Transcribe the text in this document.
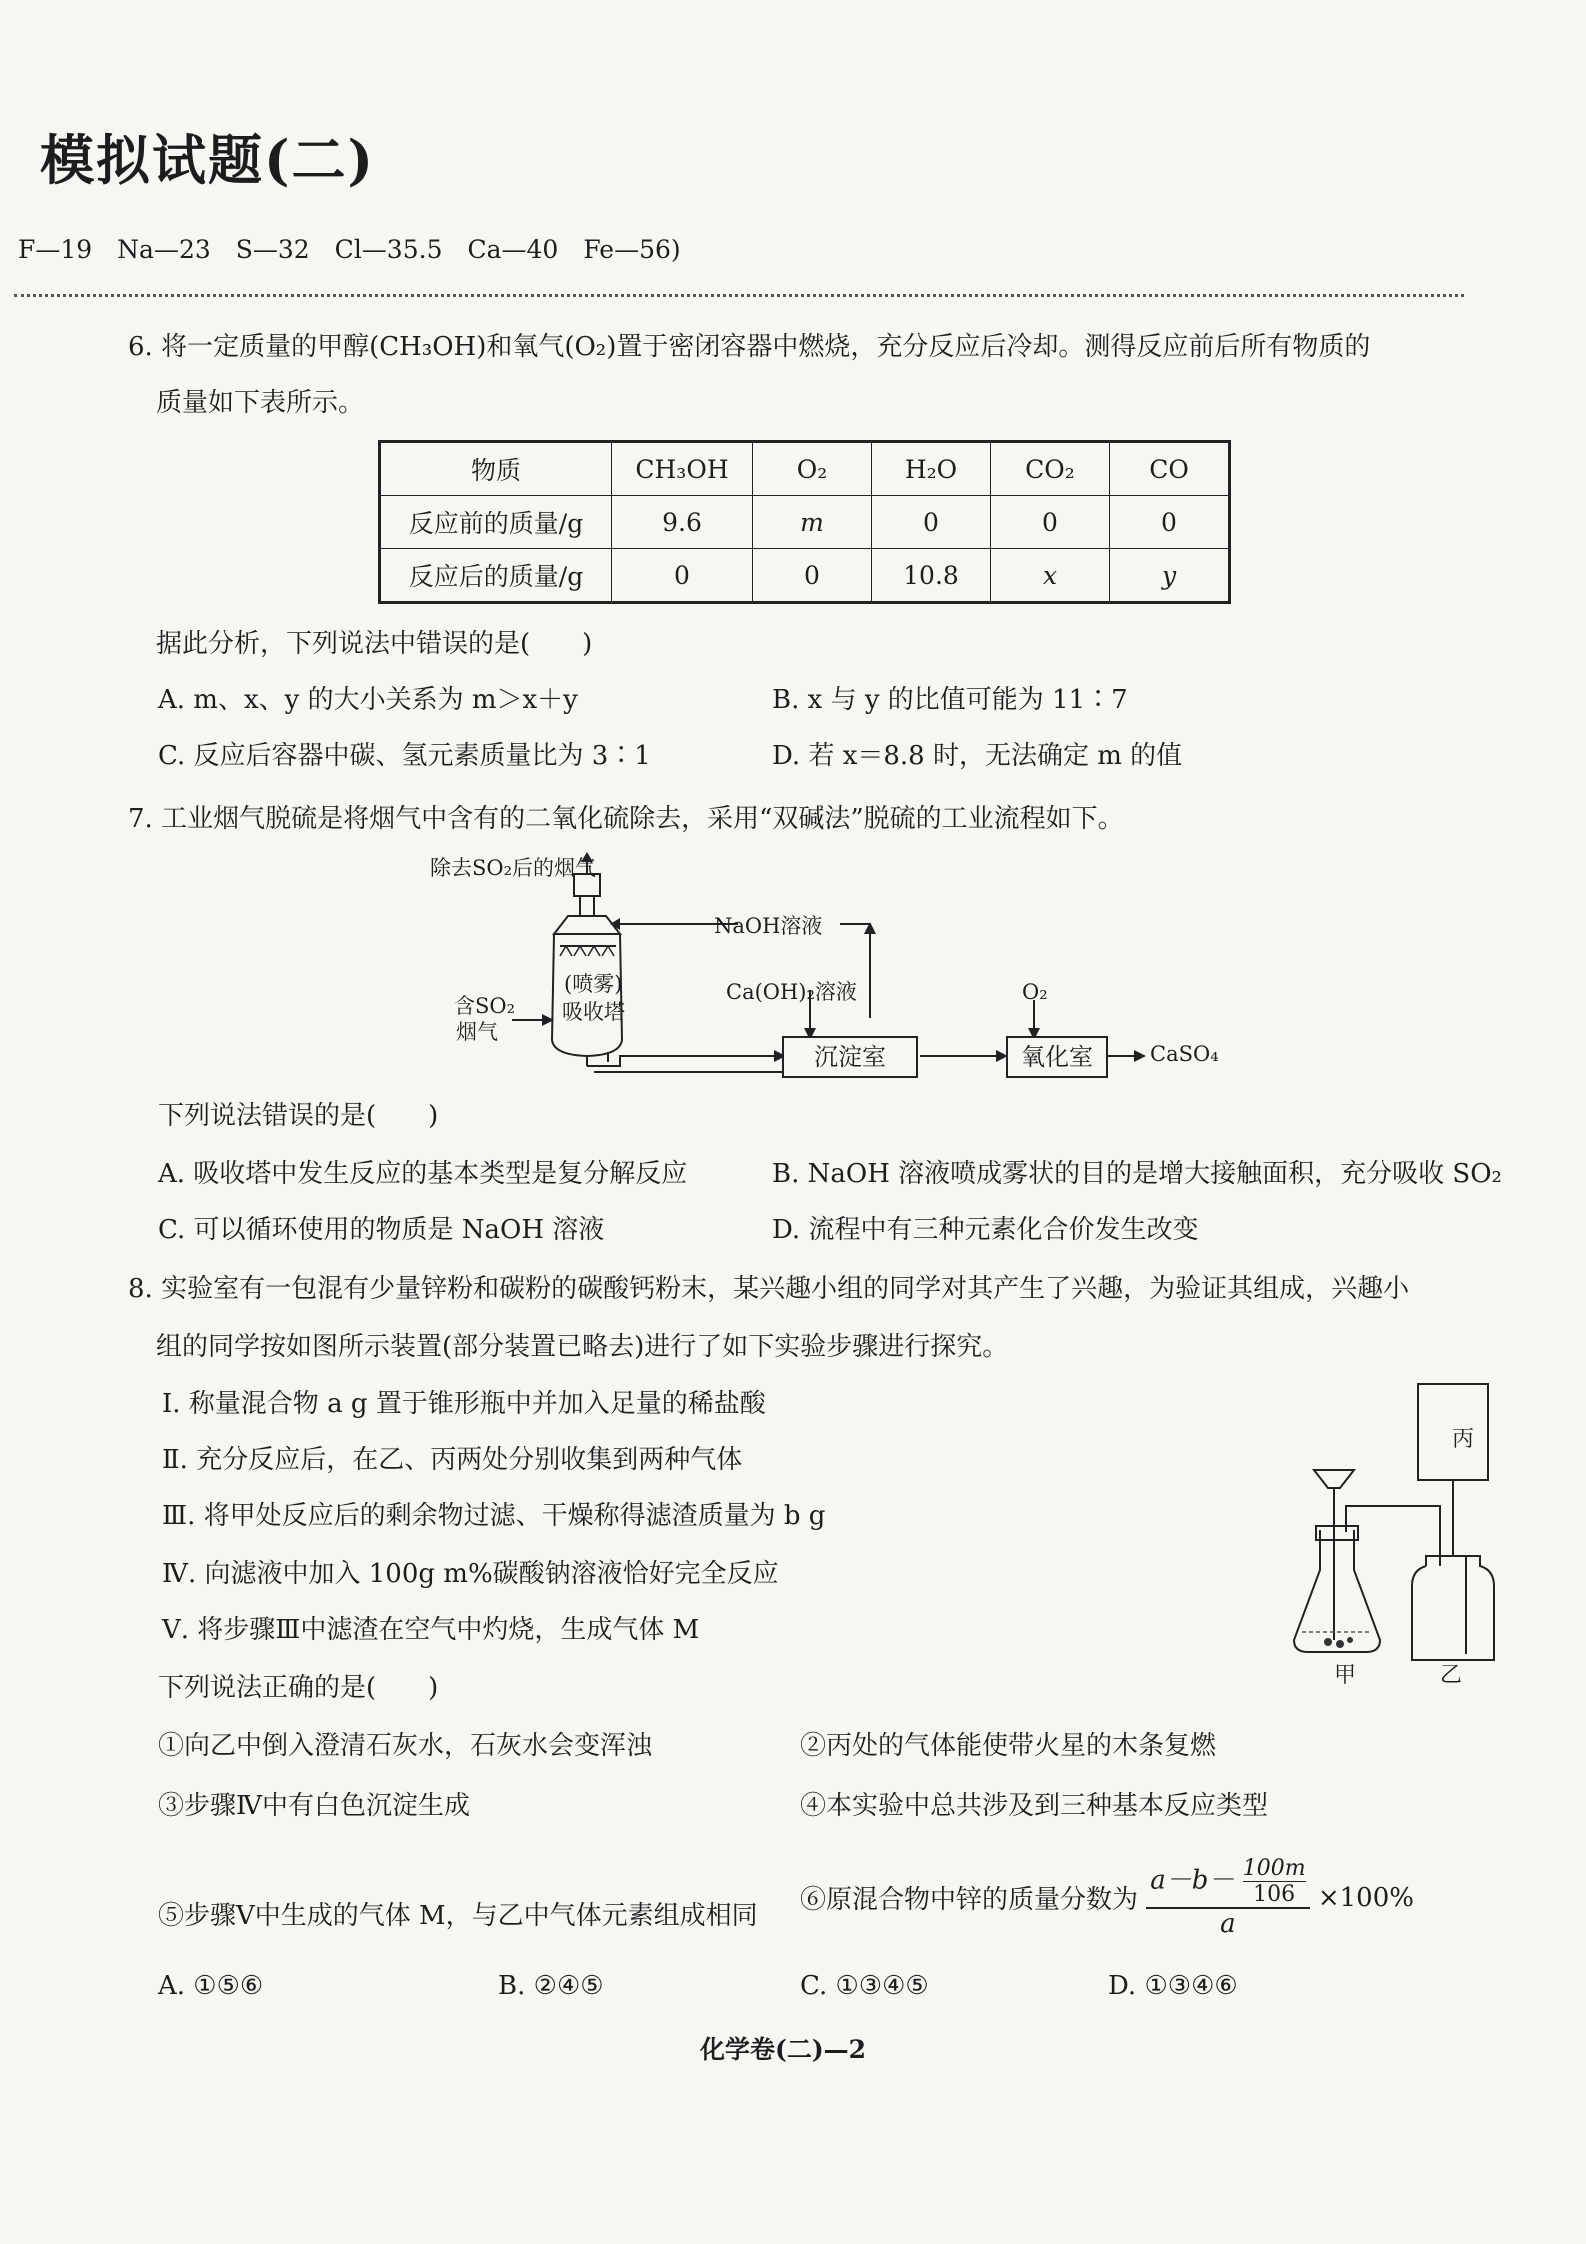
模拟试题(二)
F—19　Na—23　S—32　Cl—35.5　Ca—40　Fe—56)
6. 将一定质量的甲醇(CH₃OH)和氧气(O₂)置于密闭容器中燃烧，充分反应后冷却。测得反应前后所有物质的
质量如下表所示。
物质	CH₃OH	O₂	H₂O	CO₂	CO
反应前的质量/g	9.6	m	0	0	0
反应后的质量/g	0	0	10.8	x	y
据此分析，下列说法中错误的是(　　)
A. m、x、y 的大小关系为 m＞x＋y	B. x 与 y 的比值可能为 11∶7
C. 反应后容器中碳、氢元素质量比为 3∶1	D. 若 x＝8.8 时，无法确定 m 的值
7. 工业烟气脱硫是将烟气中含有的二氧化硫除去，采用“双碱法”脱硫的工业流程如下。
除去SO₂后的烟气
NaOH溶液
(喷雾)
吸收塔
含SO₂
烟气
Ca(OH)₂溶液	O₂
沉淀室	氧化室	CaSO₄
下列说法错误的是(　　)
A. 吸收塔中发生反应的基本类型是复分解反应	B. NaOH 溶液喷成雾状的目的是增大接触面积，充分吸收 SO₂
C. 可以循环使用的物质是 NaOH 溶液	D. 流程中有三种元素化合价发生改变
8. 实验室有一包混有少量锌粉和碳粉的碳酸钙粉末，某兴趣小组的同学对其产生了兴趣，为验证其组成，兴趣小
组的同学按如图所示装置(部分装置已略去)进行了如下实验步骤进行探究。
Ⅰ. 称量混合物 a g 置于锥形瓶中并加入足量的稀盐酸
Ⅱ. 充分反应后，在乙、丙两处分别收集到两种气体
Ⅲ. 将甲处反应后的剩余物过滤、干燥称得滤渣质量为 b g
Ⅳ. 向滤液中加入 100g m%碳酸钠溶液恰好完全反应
Ⅴ. 将步骤Ⅲ中滤渣在空气中灼烧，生成气体 M
丙
甲	乙
下列说法正确的是(　　)
①向乙中倒入澄清石灰水，石灰水会变浑浊	②丙处的气体能使带火星的木条复燃
③步骤Ⅳ中有白色沉淀生成	④本实验中总共涉及到三种基本反应类型
⑤步骤Ⅴ中生成的气体 M，与乙中气体元素组成相同
⑥原混合物中锌的质量分数为 $\frac{a-b- \frac{100m}{106}}{a} \times 100\%$
A. ①⑤⑥	B. ②④⑤	C. ①③④⑤	D. ①③④⑥
化学卷(二)—2
